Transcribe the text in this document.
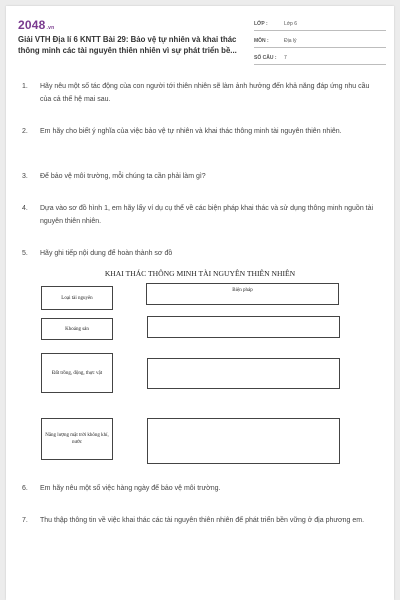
2048.vn
Giải VTH Địa lí 6 KNTT Bài 29: Bảo vệ tự nhiên và khai thác thông minh các tài nguyên thiên nhiên vì sự phát triển bề...
LỚP :	Lớp 6
MÔN :	Địa lý
SỐ CÂU :	7
1.	Hãy nêu một số tác động của con người tới thiên nhiên sẽ làm ảnh hưởng đến khả năng đáp ứng nhu cầu của cả thế hệ mai sau.
2.	Em hãy cho biết ý nghĩa của việc bảo vệ tự nhiên và khai thác thông minh tài nguyên thiên nhiên.
3.	Để bảo vệ môi trường, mỗi chúng ta cần phải làm gì?
4.	Dựa vào sơ đồ hình 1, em hãy lấy ví dụ cụ thể về các biện pháp khai thác và sử dụng thông minh nguồn tài nguyên thiên nhiên.
5.	Hãy ghi tiếp nội dung để hoàn thành sơ đồ
KHAI THÁC THÔNG MINH TÀI NGUYÊN THIÊN NHIÊN
Loại tài nguyên
Biện pháp
Khoáng sản
Đất trồng, động, thực vật
Năng lượng mặt trời không khí, nước
6.	Em hãy nêu một số việc hàng ngày để bảo vệ môi trường.
7.	Thu thập thông tin về việc khai thác các tài nguyên thiên nhiên để phát triển bền vững ở địa phương em.
